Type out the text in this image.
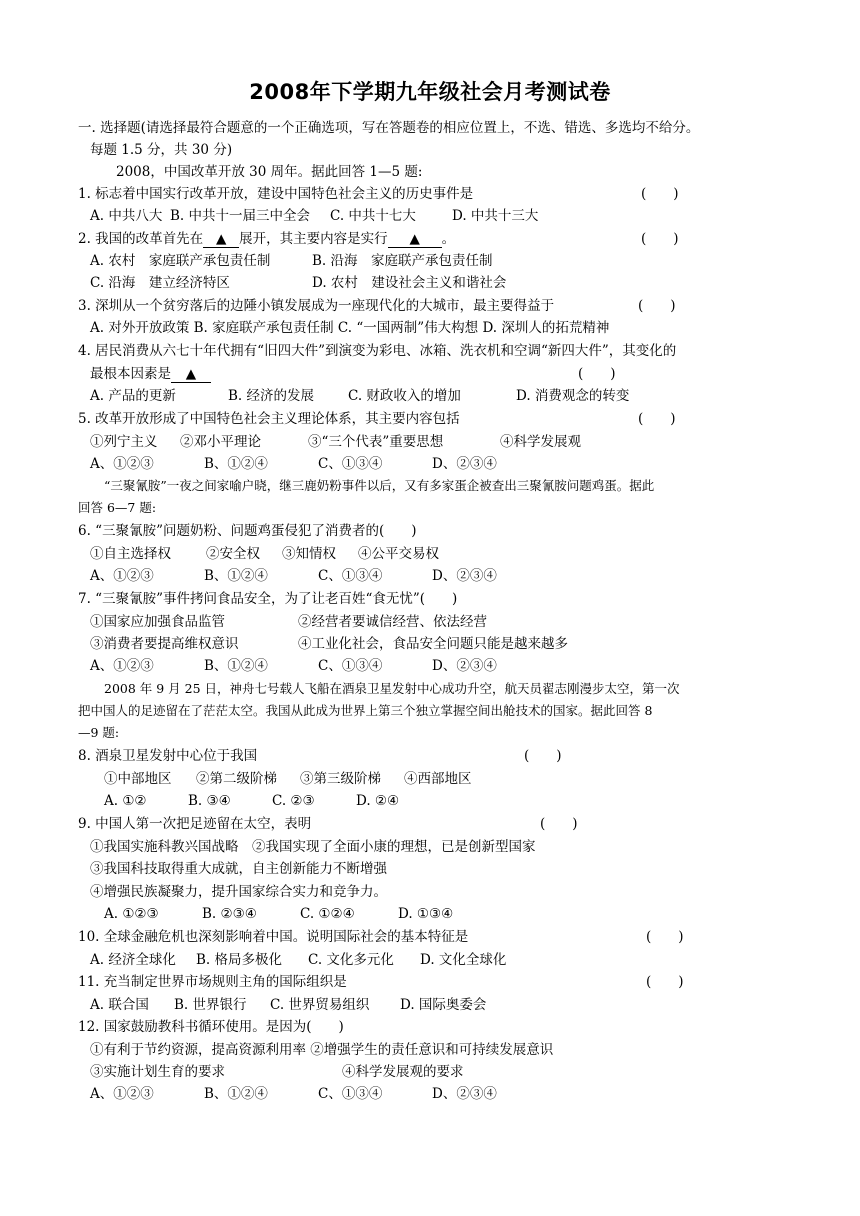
2008年下学期九年级社会月考测试卷
一. 选择题(请选择最符合题意的一个正确选项，写在答题卷的相应位置上，不选、错选、多选均不给分。
每题 1.5 分，共 30 分)
2008，中国改革开放 30 周年。据此回答 1—5 题:
1. 标志着中国实行改革开放，建设中国特色社会主义的历史事件是	(　　)
A. 中共八大 B. 中共十一届三中全会 C. 中共十七大	D. 中共十三大
2. 我国的改革首先在 ▲ 展开，其主要内容是实行 ▲ 。	(　　)
A. 农村　家庭联产承包责任制	B. 沿海　家庭联产承包责任制
C. 沿海　建立经济特区	D. 农村　建设社会主义和谐社会
3. 深圳从一个贫穷落后的边陲小镇发展成为一座现代化的大城市，最主要得益于	(　　)
A. 对外开放政策 B. 家庭联产承包责任制 C. “一国两制”伟大构想 D. 深圳人的拓荒精神
4. 居民消费从六七十年代拥有“旧四大件”到演变为彩电、冰箱、洗衣机和空调“新四大件”，其变化的
最根本因素是 ▲	(　　)
A. 产品的更新	B. 经济的发展	C. 财政收入的增加	D. 消费观念的转变
5. 改革开放形成了中国特色社会主义理论体系，其主要内容包括	(　　)
①列宁主义 ②邓小平理论	③“三个代表”重要思想	④科学发展观
A、①②③	B、①②④	C、①③④	D、②③④
“三聚氰胺”一夜之间家喻户晓，继三鹿奶粉事件以后，又有多家蛋企被查出三聚氰胺问题鸡蛋。据此
回答 6—7 题:
6. “三聚氰胺”问题奶粉、问题鸡蛋侵犯了消费者的(　　)
①自主选择权	②安全权 ③知情权 ④公平交易权
A、①②③	B、①②④	C、①③④	D、②③④
7. “三聚氰胺”事件拷问食品安全，为了让老百姓“食无忧”(　　)
①国家应加强食品监管	②经营者要诚信经营、依法经营
③消费者要提高维权意识	④工业化社会，食品安全问题只能是越来越多
A、①②③	B、①②④	C、①③④	D、②③④
2008 年 9 月 25 日，神舟七号载人飞船在酒泉卫星发射中心成功升空，航天员翟志刚漫步太空，第一次
把中国人的足迹留在了茫茫太空。我国从此成为世界上第三个独立掌握空间出舱技术的国家。据此回答 8
—9 题:
8. 酒泉卫星发射中心位于我国	(　　)
①中部地区 ②第二级阶梯 ③第三级阶梯 ④西部地区
A. ①②	B. ③④	C. ②③	D. ②④
9. 中国人第一次把足迹留在太空，表明	(　　)
①我国实施科教兴国战略　②我国实现了全面小康的理想，已是创新型国家
③我国科技取得重大成就，自主创新能力不断增强
④增强民族凝聚力，提升国家综合实力和竞争力。
A. ①②③	B. ②③④	C. ①②④	D. ①③④
10. 全球金融危机也深刻影响着中国。说明国际社会的基本特征是	(　　)
A. 经济全球化 B. 格局多极化 C. 文化多元化 D. 文化全球化
11. 充当制定世界市场规则主角的国际组织是	(　　)
A. 联合国 B. 世界银行 C. 世界贸易组织 D. 国际奥委会
12. 国家鼓励教科书循环使用。是因为(　　)
①有利于节约资源，提高资源利用率 ②增强学生的责任意识和可持续发展意识
③实施计划生育的要求	④科学发展观的要求
A、①②③	B、①②④	C、①③④	D、②③④
